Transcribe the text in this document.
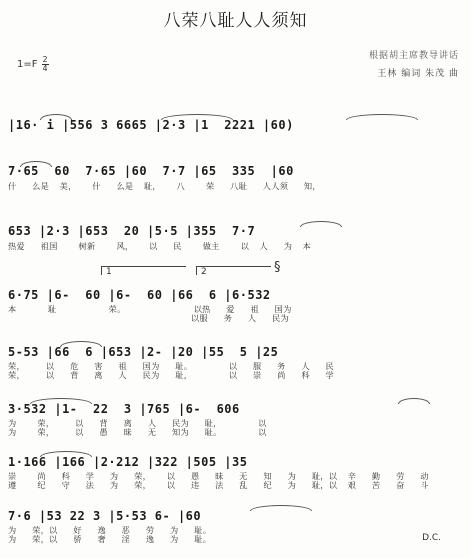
八荣八耻人人须知
根据胡主席教导讲话
王林 编词 朱茂 曲
1=F 2
4
|16· i |556 3 6665 |2·3 |1  2221 |60)
7·65  60  7·65 |60  7·7 |65  335  |60
什   么是  美，   什   么是  耻，   八    荣   八耻   人人须   知，
653 |2·3 |653  20 |5·5 |355  7·7
热爱   祖国    树新    风，   以   民    做主    以  人   为  本
1	2	§
6·75 |6-  60 |6-  60 |66  6 |6·532
本      耻          荣。             以热   爱   祖   国为
以服   务   人   民为
5-53 |66  6 |653 |2- |20 |55  5 |25
荣，    以   危   害   祖   国为   耻。       以   服   务   人   民
荣，    以   背   离   人   民为   耻，       以   崇   尚   科   学
3·532 |1-  22  3 |765 |6-  606
为    荣，    以   背   离   人   民为   耻，       以
为    荣，    以   愚   昧   无   知为   耻。       以
1·166 |166 |2·212 |322 |505 |35
崇    尚   科   学   为   荣，   以   愚   昧   无   知   为   耻，以  辛   勤   劳   动
遵    纪   守   法   为   荣，   以   违   法   乱   纪   为   耻，以  艰   苦   奋   斗
7·6 |53 22 3 |5·53 6- |60
为   荣，以   好   逸   恶   劳   为   耻。
为   荣，以   骄   奢   淫   逸   为   耻。	D.C.
